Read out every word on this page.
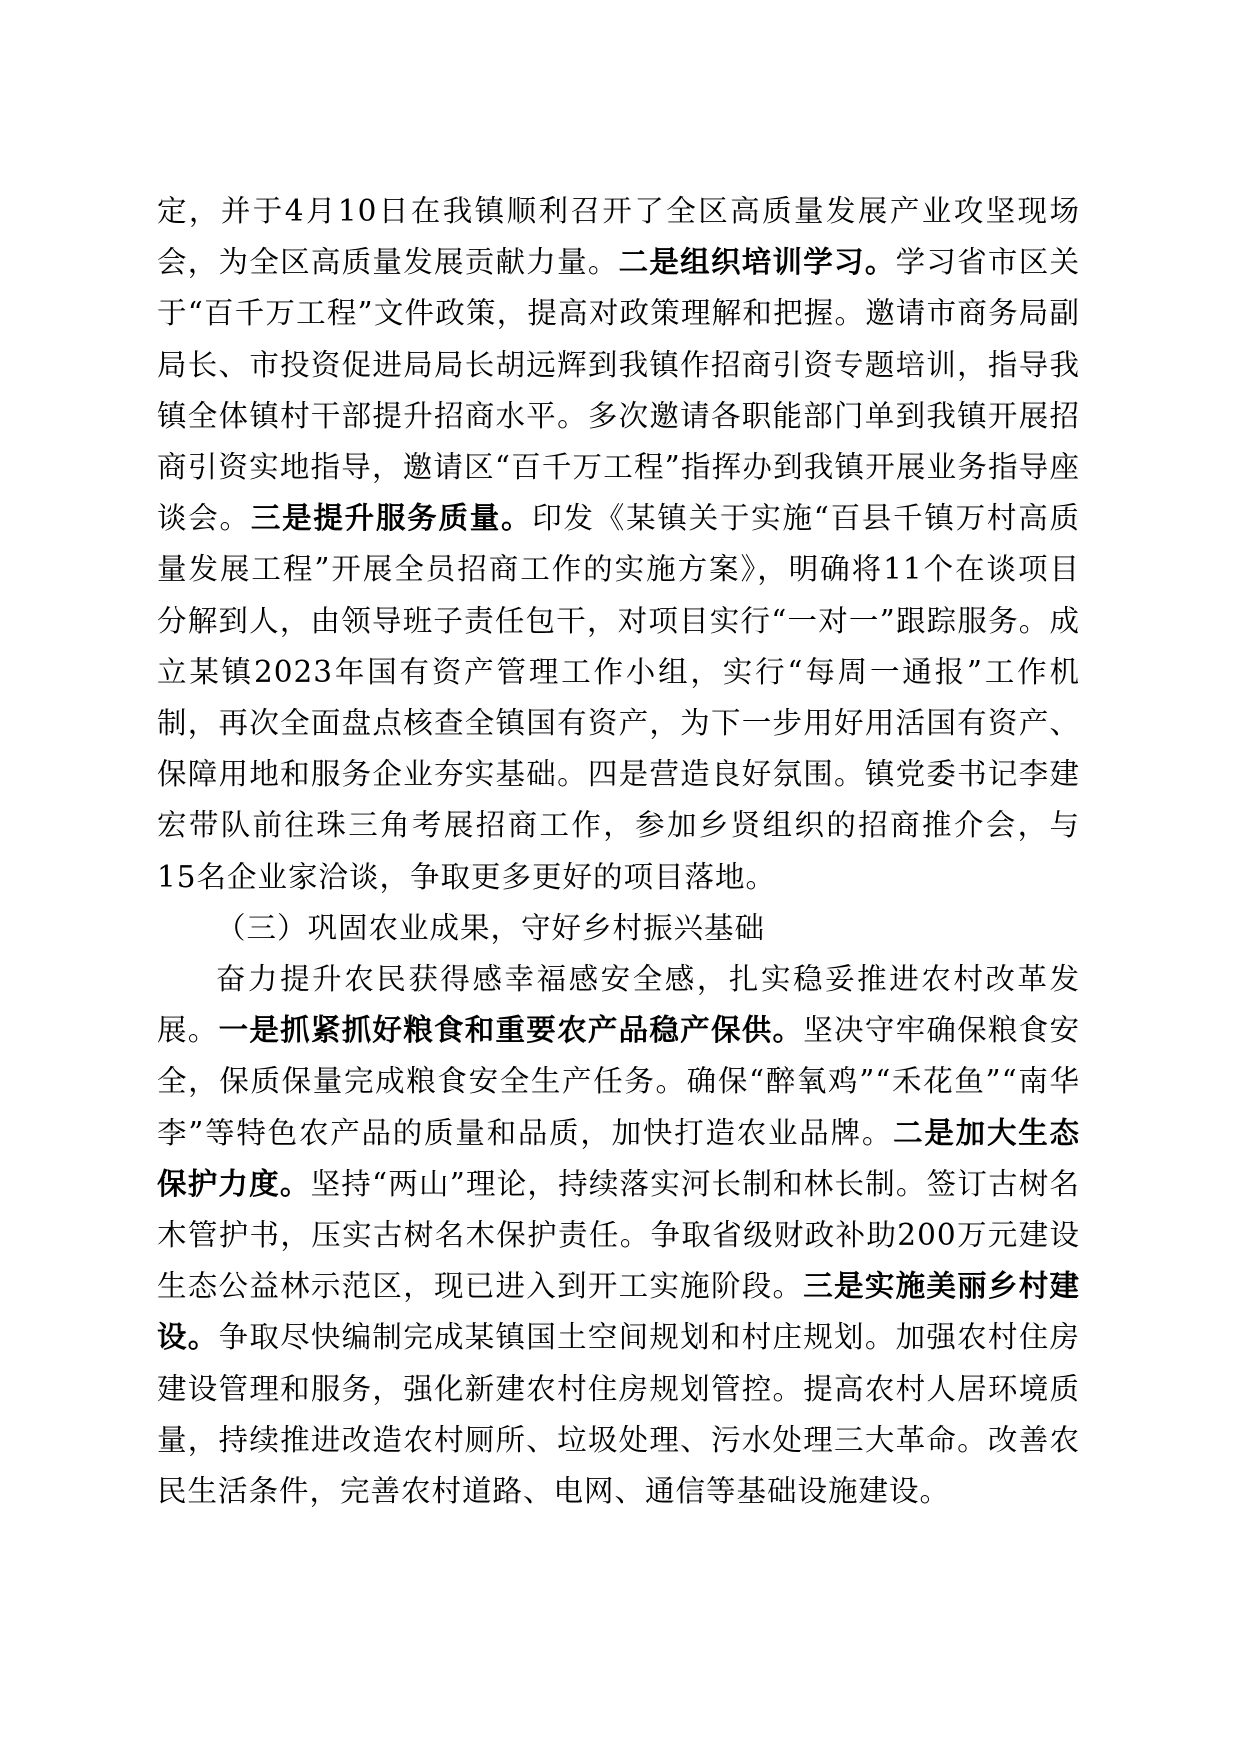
定，并于4月10日在我镇顺利召开了全区高质量发展产业攻坚现场会，为全区高质量发展贡献力量。二是组织培训学习。学习省市区关于“百千万工程”文件政策，提高对政策理解和把握。邀请市商务局副局长、市投资促进局局长胡远辉到我镇作招商引资专题培训，指导我镇全体镇村干部提升招商水平。多次邀请各职能部门单到我镇开展招商引资实地指导，邀请区“百千万工程”指挥办到我镇开展业务指导座谈会。三是提升服务质量。印发《某镇关于实施“百县千镇万村高质量发展工程”开展全员招商工作的实施方案》，明确将11个在谈项目分解到人，由领导班子责任包干，对项目实行“一对一”跟踪服务。成立某镇2023年国有资产管理工作小组，实行“每周一通报”工作机制，再次全面盘点核查全镇国有资产，为下一步用好用活国有资产、保障用地和服务企业夯实基础。四是营造良好氛围。镇党委书记李建宏带队前往珠三角考展招商工作，参加乡贤组织的招商推介会，与15名企业家洽谈，争取更多更好的项目落地。

（三）巩固农业成果，守好乡村振兴基础

奋力提升农民获得感幸福感安全感，扎实稳妥推进农村改革发展。一是抓紧抓好粮食和重要农产品稳产保供。坚决守牢确保粮食安全，保质保量完成粮食安全生产任务。确保“醉氧鸡”“禾花鱼”“南华李”等特色农产品的质量和品质，加快打造农业品牌。二是加大生态保护力度。坚持“两山”理论，持续落实河长制和林长制。签订古树名木管护书，压实古树名木保护责任。争取省级财政补助200万元建设生态公益林示范区，现已进入到开工实施阶段。三是实施美丽乡村建设。争取尽快编制完成某镇国土空间规划和村庄规划。加强农村住房建设管理和服务，强化新建农村住房规划管控。提高农村人居环境质量，持续推进改造农村厕所、垃圾处理、污水处理三大革命。改善农民生活条件，完善农村道路、电网、通信等基础设施建设。
